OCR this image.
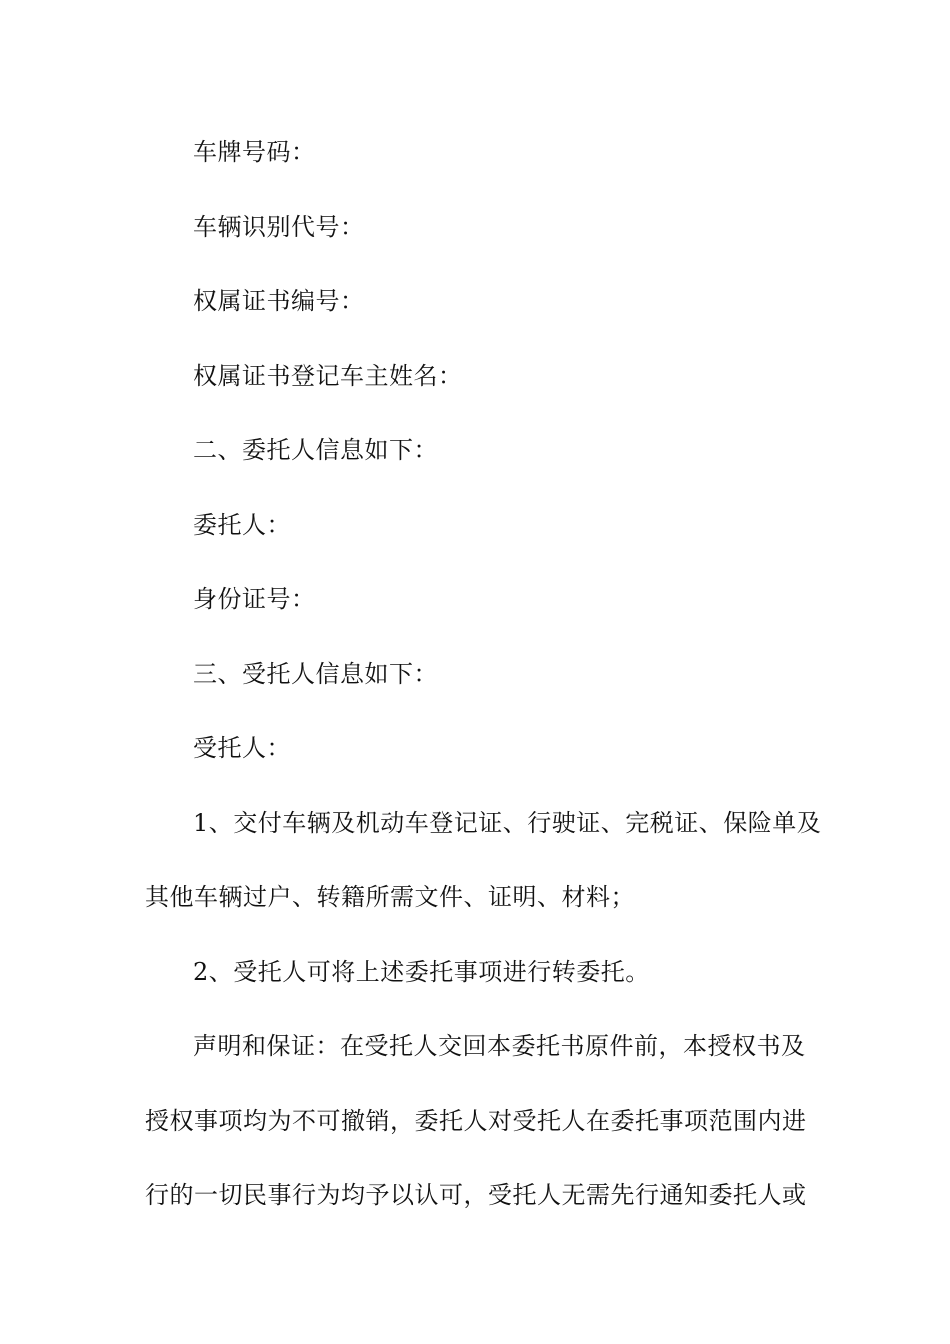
车牌号码：
车辆识别代号：
权属证书编号：
权属证书登记车主姓名：
二、委托人信息如下：
委托人：
身份证号：
三、受托人信息如下：
受托人：
1、交付车辆及机动车登记证、行驶证、完税证、保险单及
其他车辆过户、转籍所需文件、证明、材料；
2、受托人可将上述委托事项进行转委托。
声明和保证：在受托人交回本委托书原件前，本授权书及
授权事项均为不可撤销，委托人对受托人在委托事项范围内进
行的一切民事行为均予以认可，受托人无需先行通知委托人或
